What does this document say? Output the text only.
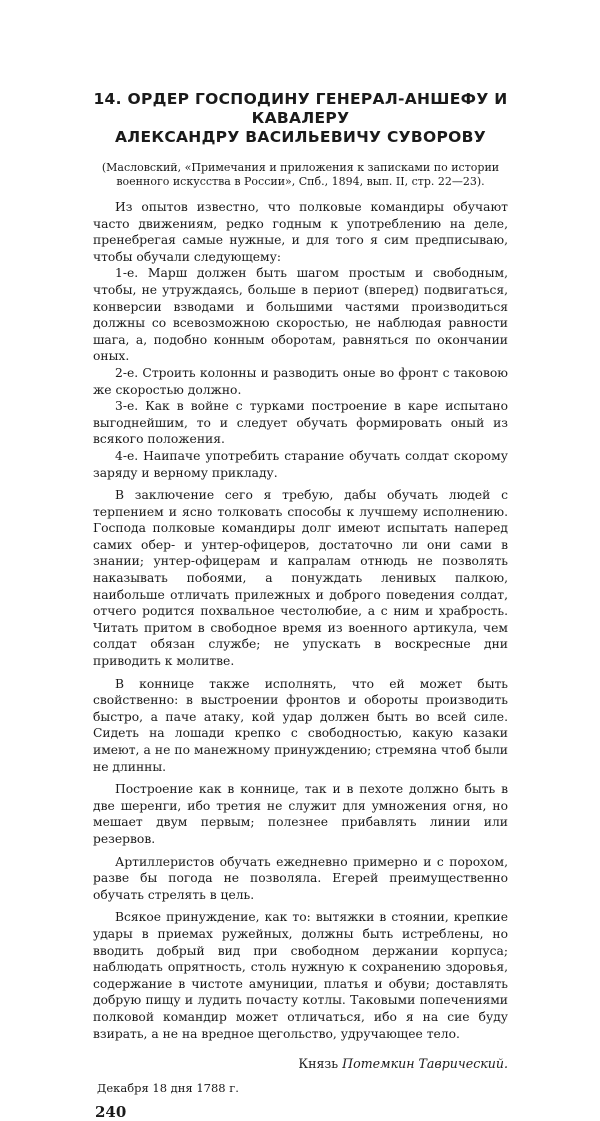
14. ОРДЕР ГОСПОДИНУ ГЕНЕРАЛ-АНШЕФУ И КАВАЛЕРУ
АЛЕКСАНДРУ ВАСИЛЬЕВИЧУ СУВОРОВУ
(Масловский, «Примечания и приложения к записками по истории военного искусства в России», Спб., 1894, вып. II, стр. 22—23).

Из опытов известно, что полковые командиры обучают часто движениям, редко годным к употреблению на деле, пренебрегая самые нужные, и для того я сим предписываю, чтобы обучали следующему:

1-е. Марш должен быть шагом простым и свободным, чтобы, не утруждаясь, больше в периот (вперед) подвигаться, конверсии взводами и большими частями производиться должны со всевозможною скоростью, не наблюдая равности шага, а, подобно конным оборотам, равняться по окончании оных.

2-е. Строить колонны и разводить оные во фронт с таковою же скоростью должно.

3-е. Как в войне с турками построение в каре испытано выгоднейшим, то и следует обучать формировать оный из всякого положения.

4-е. Наипаче употребить старание обучать солдат скорому заряду и верному прикладу.

В заключение сего я требую, дабы обучать людей с терпением и ясно толковать способы к лучшему исполнению. Господа полковые командиры долг имеют испытать наперед самих обер- и унтер-офицеров, достаточно ли они сами в знании; унтер-офицерам и капралам отнюдь не позволять наказывать побоями, а понуждать ленивых палкою, наибольше отличать прилежных и доброго поведения солдат, отчего родится похвальное честолюбие, а с ним и храбрость. Читать притом в свободное время из военного артикула, чем солдат обязан службе; не упускать в воскресные дни приводить к молитве.

В коннице также исполнять, что ей может быть свойственно: в выстроении фронтов и обороты производить быстро, а паче атаку, кой удар должен быть во всей силе. Сидеть на лошади крепко с свободностью, какую казаки имеют, а не по манежному принуждению; стремяна чтоб были не длинны.

Построение как в коннице, так и в пехоте должно быть в две шеренги, ибо третия не служит для умножения огня, но мешает двум первым; полезнее прибавлять линии или резервов.

Артиллеристов обучать ежедневно примерно и с порохом, разве бы погода не позволяла. Егерей преимущественно обучать стрелять в цель.

Всякое принуждение, как то: вытяжки в стоянии, крепкие удары в приемах ружейных, должны быть истреблены, но вводить добрый вид при свободном держании корпуса; наблюдать опрятность, столь нужную к сохранению здоровья, содержание в чистоте амуниции, платья и обуви; доставлять добрую пищу и лудить почасту котлы. Таковыми попечениями полковой командир может отличаться, ибо я на сие буду взирать, а не на вредное щегольство, удручающее тело.

Князь Потемкин Таврический.
Декабря 18 дня 1788 г.
240
